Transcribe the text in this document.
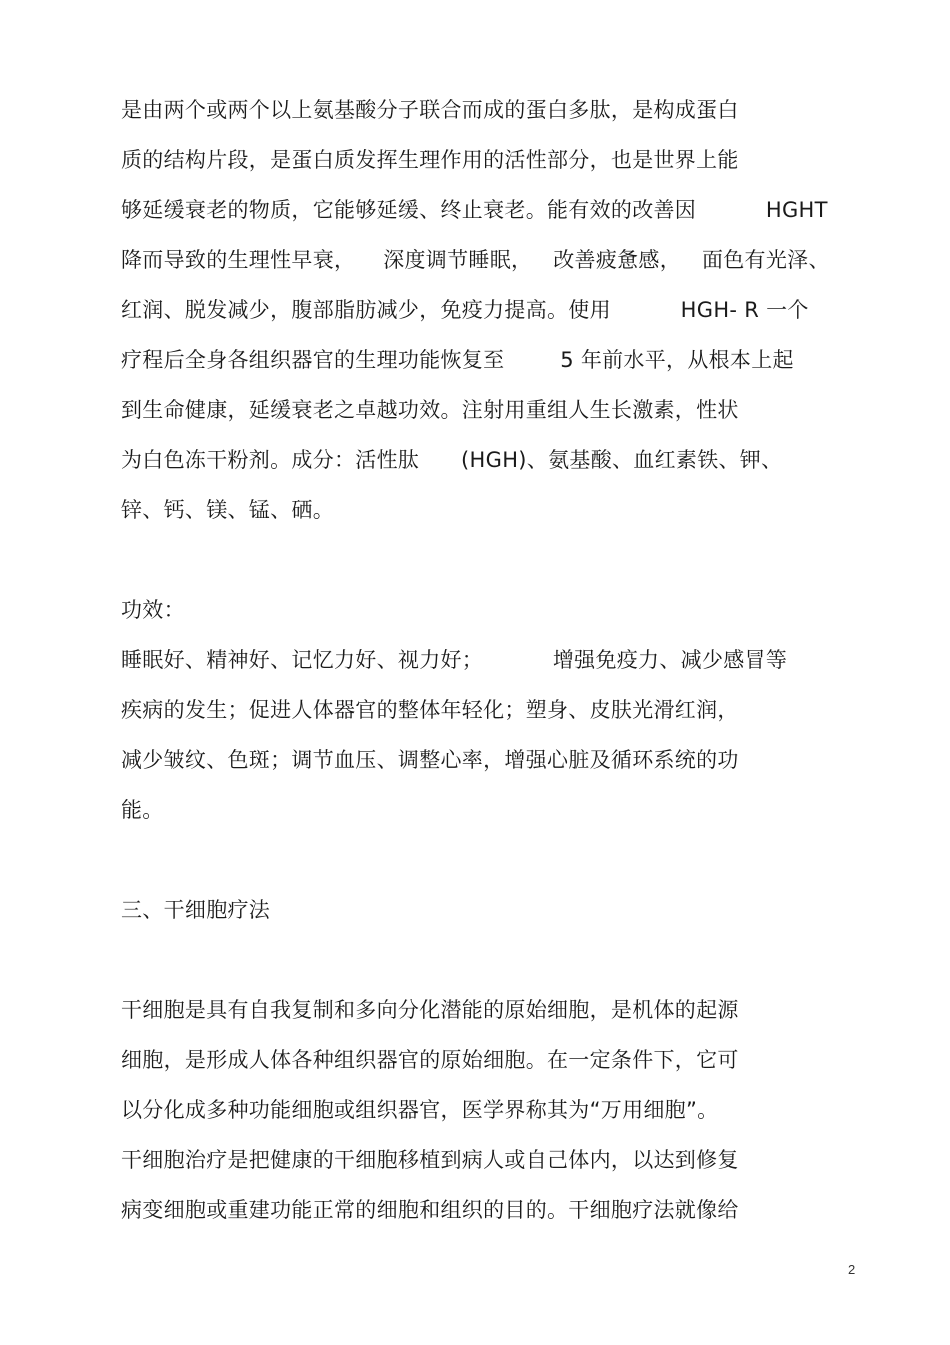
是由两个或两个以上氨基酸分子联合而成的蛋白多肽，是构成蛋白
质的结构片段，是蛋白质发挥生理作用的活性部分，也是世界上能
够延缓衰老的物质，它能够延缓、终止衰老。能有效的改善因          HGHT
降而导致的生理性早衰，    深度调节睡眠，   改善疲惫感，   面色有光泽、
红润、脱发减少，腹部脂肪减少，免疫力提高。使用          HGH- R 一个
疗程后全身各组织器官的生理功能恢复至        5 年前水平，从根本上起
到生命健康，延缓衰老之卓越功效。注射用重组人生长激素，性状
为白色冻干粉剂。成分：活性肽      (HGH)、氨基酸、血红素铁、钾、
锌、钙、镁、锰、硒。
功效：
睡眠好、精神好、记忆力好、视力好；          增强免疫力、减少感冒等
疾病的发生；促进人体器官的整体年轻化；塑身、皮肤光滑红润，
减少皱纹、色斑；调节血压、调整心率，增强心脏及循环系统的功
能。
三、干细胞疗法
干细胞是具有自我复制和多向分化潜能的原始细胞，是机体的起源
细胞，是形成人体各种组织器官的原始细胞。在一定条件下，它可
以分化成多种功能细胞或组织器官，医学界称其为“万用细胞”。
干细胞治疗是把健康的干细胞移植到病人或自己体内，以达到修复
病变细胞或重建功能正常的细胞和组织的目的。干细胞疗法就像给
2
